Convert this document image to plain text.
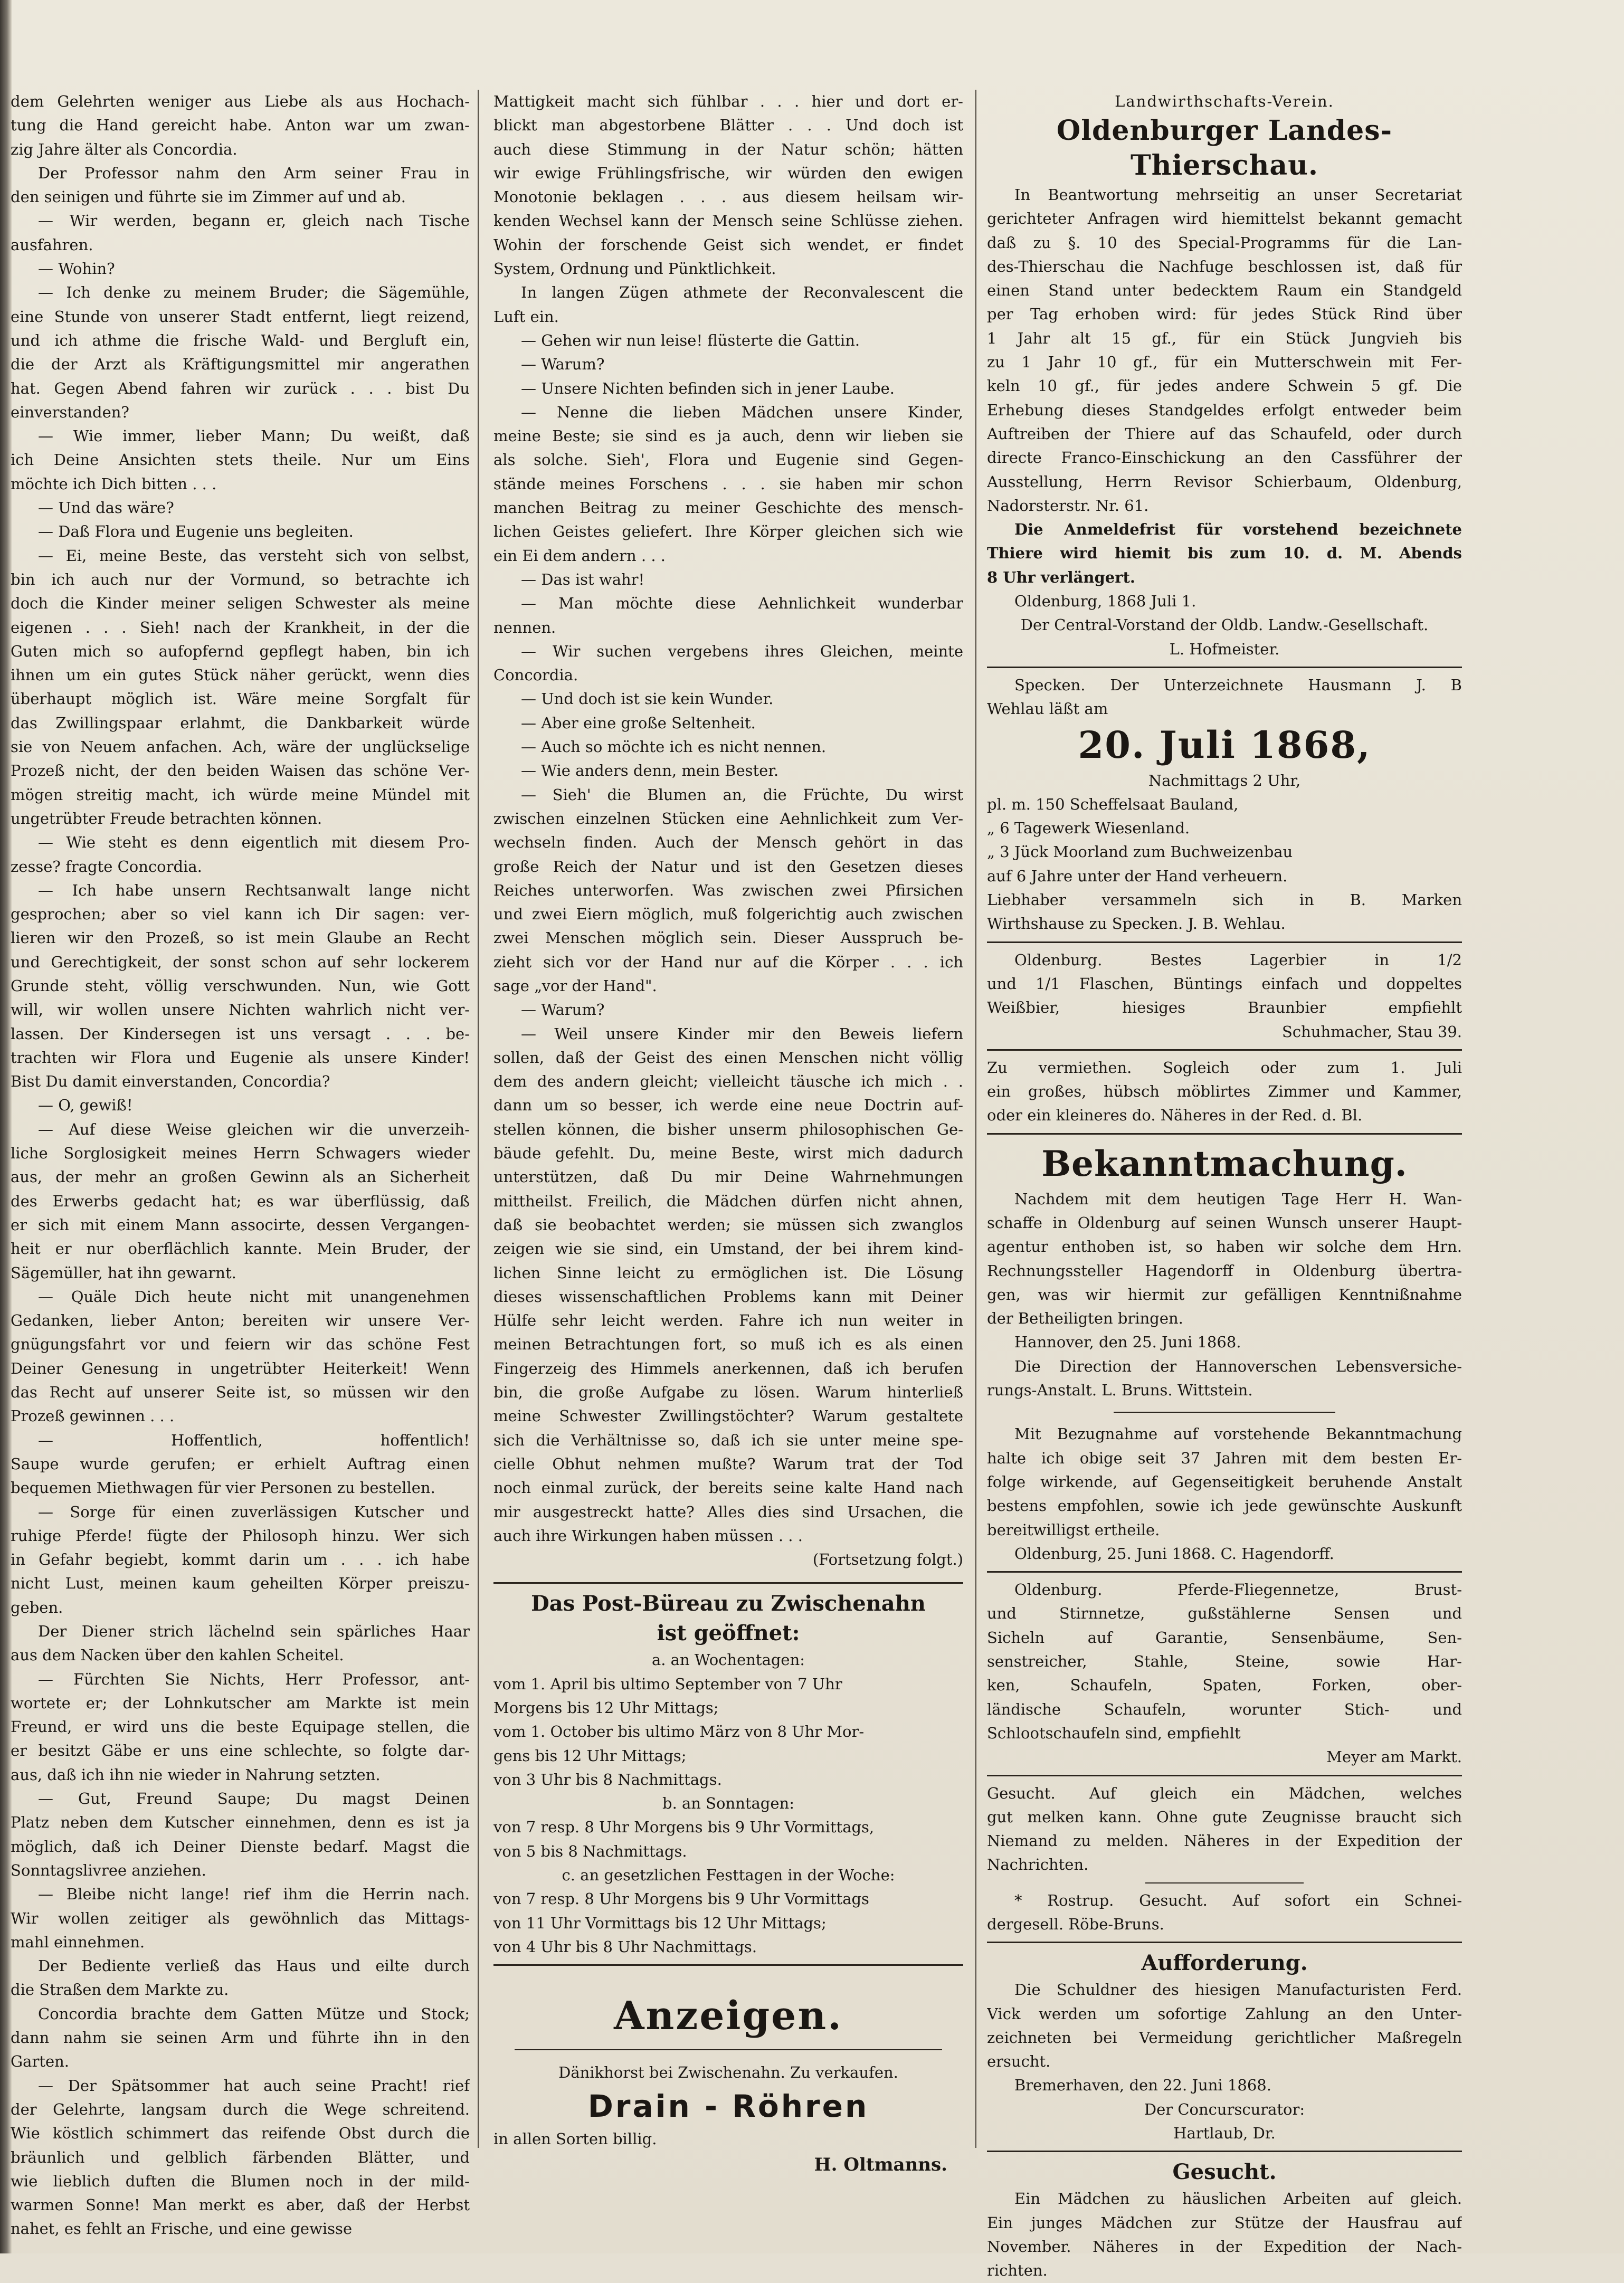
dem Gelehrten weniger aus Liebe als aus Hochach-
tung die Hand gereicht habe. Anton war um zwan-
zig Jahre älter als Concordia.
Der Professor nahm den Arm seiner Frau in
den seinigen und führte sie im Zimmer auf und ab.
— Wir werden, begann er, gleich nach Tische
ausfahren.
— Wohin?
— Ich denke zu meinem Bruder; die Sägemühle,
eine Stunde von unserer Stadt entfernt, liegt reizend,
und ich athme die frische Wald- und Bergluft ein,
die der Arzt als Kräftigungsmittel mir angerathen
hat. Gegen Abend fahren wir zurück . . . bist Du
einverstanden?
— Wie immer, lieber Mann; Du weißt, daß
ich Deine Ansichten stets theile. Nur um Eins
möchte ich Dich bitten . . .
— Und das wäre?
— Daß Flora und Eugenie uns begleiten.
— Ei, meine Beste, das versteht sich von selbst,
bin ich auch nur der Vormund, so betrachte ich
doch die Kinder meiner seligen Schwester als meine
eigenen . . . Sieh! nach der Krankheit, in der die
Guten mich so aufopfernd gepflegt haben, bin ich
ihnen um ein gutes Stück näher gerückt, wenn dies
überhaupt möglich ist. Wäre meine Sorgfalt für
das Zwillingspaar erlahmt, die Dankbarkeit würde
sie von Neuem anfachen. Ach, wäre der unglückselige
Prozeß nicht, der den beiden Waisen das schöne Ver-
mögen streitig macht, ich würde meine Mündel mit
ungetrübter Freude betrachten können.
— Wie steht es denn eigentlich mit diesem Pro-
zesse? fragte Concordia.
— Ich habe unsern Rechtsanwalt lange nicht
gesprochen; aber so viel kann ich Dir sagen: ver-
lieren wir den Prozeß, so ist mein Glaube an Recht
und Gerechtigkeit, der sonst schon auf sehr lockerem
Grunde steht, völlig verschwunden. Nun, wie Gott
will, wir wollen unsere Nichten wahrlich nicht ver-
lassen. Der Kindersegen ist uns versagt . . . be-
trachten wir Flora und Eugenie als unsere Kinder!
Bist Du damit einverstanden, Concordia?
— O, gewiß!
— Auf diese Weise gleichen wir die unverzeih-
liche Sorglosigkeit meines Herrn Schwagers wieder
aus, der mehr an großen Gewinn als an Sicherheit
des Erwerbs gedacht hat; es war überflüssig, daß
er sich mit einem Mann associrte, dessen Vergangen-
heit er nur oberflächlich kannte. Mein Bruder, der
Sägemüller, hat ihn gewarnt.
— Quäle Dich heute nicht mit unangenehmen
Gedanken, lieber Anton; bereiten wir unsere Ver-
gnügungsfahrt vor und feiern wir das schöne Fest
Deiner Genesung in ungetrübter Heiterkeit! Wenn
das Recht auf unserer Seite ist, so müssen wir den
Prozeß gewinnen . . .
— Hoffentlich, hoffentlich!
Saupe wurde gerufen; er erhielt Auftrag einen
bequemen Miethwagen für vier Personen zu bestellen.
— Sorge für einen zuverlässigen Kutscher und
ruhige Pferde! fügte der Philosoph hinzu. Wer sich
in Gefahr begiebt, kommt darin um . . . ich habe
nicht Lust, meinen kaum geheilten Körper preiszu-
geben.
Der Diener strich lächelnd sein spärliches Haar
aus dem Nacken über den kahlen Scheitel.
— Fürchten Sie Nichts, Herr Professor, ant-
wortete er; der Lohnkutscher am Markte ist mein
Freund, er wird uns die beste Equipage stellen, die
er besitzt Gäbe er uns eine schlechte, so folgte dar-
aus, daß ich ihn nie wieder in Nahrung setzten.
— Gut, Freund Saupe; Du magst Deinen
Platz neben dem Kutscher einnehmen, denn es ist ja
möglich, daß ich Deiner Dienste bedarf. Magst die
Sonntagslivree anziehen.
— Bleibe nicht lange! rief ihm die Herrin nach.
Wir wollen zeitiger als gewöhnlich das Mittags-
mahl einnehmen.
Der Bediente verließ das Haus und eilte durch
die Straßen dem Markte zu.
Concordia brachte dem Gatten Mütze und Stock;
dann nahm sie seinen Arm und führte ihn in den
Garten.
— Der Spätsommer hat auch seine Pracht! rief
der Gelehrte, langsam durch die Wege schreitend.
Wie köstlich schimmert das reifende Obst durch die
bräunlich und gelblich färbenden Blätter, und
wie lieblich duften die Blumen noch in der mild-
warmen Sonne! Man merkt es aber, daß der Herbst
nahet, es fehlt an Frische, und eine gewisse
Mattigkeit macht sich fühlbar . . . hier und dort er-
blickt man abgestorbene Blätter . . . Und doch ist
auch diese Stimmung in der Natur schön; hätten
wir ewige Frühlingsfrische, wir würden den ewigen
Monotonie beklagen . . . aus diesem heilsam wir-
kenden Wechsel kann der Mensch seine Schlüsse ziehen.
Wohin der forschende Geist sich wendet, er findet
System, Ordnung und Pünktlichkeit.
In langen Zügen athmete der Reconvalescent die
Luft ein.
— Gehen wir nun leise! flüsterte die Gattin.
— Warum?
— Unsere Nichten befinden sich in jener Laube.
— Nenne die lieben Mädchen unsere Kinder,
meine Beste; sie sind es ja auch, denn wir lieben sie
als solche. Sieh', Flora und Eugenie sind Gegen-
stände meines Forschens . . . sie haben mir schon
manchen Beitrag zu meiner Geschichte des mensch-
lichen Geistes geliefert. Ihre Körper gleichen sich wie
ein Ei dem andern . . .
— Das ist wahr!
— Man möchte diese Aehnlichkeit wunderbar
nennen.
— Wir suchen vergebens ihres Gleichen, meinte
Concordia.
— Und doch ist sie kein Wunder.
— Aber eine große Seltenheit.
— Auch so möchte ich es nicht nennen.
— Wie anders denn, mein Bester.
— Sieh' die Blumen an, die Früchte, Du wirst
zwischen einzelnen Stücken eine Aehnlichkeit zum Ver-
wechseln finden. Auch der Mensch gehört in das
große Reich der Natur und ist den Gesetzen dieses
Reiches unterworfen. Was zwischen zwei Pfirsichen
und zwei Eiern möglich, muß folgerichtig auch zwischen
zwei Menschen möglich sein. Dieser Ausspruch be-
zieht sich vor der Hand nur auf die Körper . . . ich
sage „vor der Hand".
— Warum?
— Weil unsere Kinder mir den Beweis liefern
sollen, daß der Geist des einen Menschen nicht völlig
dem des andern gleicht; vielleicht täusche ich mich . .
dann um so besser, ich werde eine neue Doctrin auf-
stellen können, die bisher unserm philosophischen Ge-
bäude gefehlt. Du, meine Beste, wirst mich dadurch
unterstützen, daß Du mir Deine Wahrnehmungen
mittheilst. Freilich, die Mädchen dürfen nicht ahnen,
daß sie beobachtet werden; sie müssen sich zwanglos
zeigen wie sie sind, ein Umstand, der bei ihrem kind-
lichen Sinne leicht zu ermöglichen ist. Die Lösung
dieses wissenschaftlichen Problems kann mit Deiner
Hülfe sehr leicht werden. Fahre ich nun weiter in
meinen Betrachtungen fort, so muß ich es als einen
Fingerzeig des Himmels anerkennen, daß ich berufen
bin, die große Aufgabe zu lösen. Warum hinterließ
meine Schwester Zwillingstöchter? Warum gestaltete
sich die Verhältnisse so, daß ich sie unter meine spe-
cielle Obhut nehmen mußte? Warum trat der Tod
noch einmal zurück, der bereits seine kalte Hand nach
mir ausgestreckt hatte? Alles dies sind Ursachen, die
auch ihre Wirkungen haben müssen . . .
(Fortsetzung folgt.)
Das Post-Büreau zu Zwischenahn
ist geöffnet:
a. an Wochentagen:
vom 1. April bis ultimo September von 7 Uhr
Morgens bis 12 Uhr Mittags;
vom 1. October bis ultimo März von 8 Uhr Mor-
gens bis 12 Uhr Mittags;
von 3 Uhr bis 8 Nachmittags.
b. an Sonntagen:
von 7 resp. 8 Uhr Morgens bis 9 Uhr Vormittags,
von 5 bis 8 Nachmittags.
c. an gesetzlichen Festtagen in der Woche:
von 7 resp. 8 Uhr Morgens bis 9 Uhr Vormittags
von 11 Uhr Vormittags bis 12 Uhr Mittags;
von 4 Uhr bis 8 Uhr Nachmittags.
Anzeigen.
Dänikhorst bei Zwischenahn. Zu verkaufen.
Drain - Röhren
in allen Sorten billig.
H. Oltmanns.
Landwirthschafts-Verein.
Oldenburger Landes-Thierschau.
In Beantwortung mehrseitig an unser Secretariat
gerichteter Anfragen wird hiemittelst bekannt gemacht
daß zu §. 10 des Special-Programms für die Lan-
des-Thierschau die Nachfuge beschlossen ist, daß für
einen Stand unter bedecktem Raum ein Standgeld
per Tag erhoben wird: für jedes Stück Rind über
1 Jahr alt 15 gf., für ein Stück Jungvieh bis
zu 1 Jahr 10 gf., für ein Mutterschwein mit Fer-
keln 10 gf., für jedes andere Schwein 5 gf. Die
Erhebung dieses Standgeldes erfolgt entweder beim
Auftreiben der Thiere auf das Schaufeld, oder durch
directe Franco-Einschickung an den Cassführer der
Ausstellung, Herrn Revisor Schierbaum, Oldenburg,
Nadorsterstr. Nr. 61.
Die Anmeldefrist für vorstehend bezeichnete
Thiere wird hiemit bis zum 10. d. M. Abends
8 Uhr verlängert.
Oldenburg, 1868 Juli 1.
Der Central-Vorstand der Oldb. Landw.-Gesellschaft.
L. Hofmeister.
Specken. Der Unterzeichnete Hausmann J. B
Wehlau läßt am
20. Juli 1868,
Nachmittags 2 Uhr,
pl. m. 150 Scheffelsaat Bauland,
„ 6 Tagewerk Wiesenland.
„ 3 Jück Moorland zum Buchweizenbau
auf 6 Jahre unter der Hand verheuern.
Liebhaber versammeln sich in B. Marken
Wirthshause zu Specken. J. B. Wehlau.
Oldenburg. Bestes Lagerbier in 1/2
und 1/1 Flaschen, Büntings einfach und doppeltes
Weißbier, hiesiges Braunbier empfiehlt
Schuhmacher, Stau 39.
Zu vermiethen. Sogleich oder zum 1. Juli
ein großes, hübsch möblirtes Zimmer und Kammer,
oder ein kleineres do. Näheres in der Red. d. Bl.
Bekanntmachung.
Nachdem mit dem heutigen Tage Herr H. Wan-
schaffe in Oldenburg auf seinen Wunsch unserer Haupt-
agentur enthoben ist, so haben wir solche dem Hrn.
Rechnungssteller Hagendorff in Oldenburg übertra-
gen, was wir hiermit zur gefälligen Kenntnißnahme
der Betheiligten bringen.
Hannover, den 25. Juni 1868.
Die Direction der Hannoverschen Lebensversiche-
rungs-Anstalt. L. Bruns. Wittstein.
Mit Bezugnahme auf vorstehende Bekanntmachung
halte ich obige seit 37 Jahren mit dem besten Er-
folge wirkende, auf Gegenseitigkeit beruhende Anstalt
bestens empfohlen, sowie ich jede gewünschte Auskunft
bereitwilligst ertheile.
Oldenburg, 25. Juni 1868. C. Hagendorff.
Oldenburg. Pferde-Fliegennetze, Brust-
und Stirnnetze, gußstählerne Sensen und
Sicheln auf Garantie, Sensenbäume, Sen-
senstreicher, Stahle, Steine, sowie Har-
ken, Schaufeln, Spaten, Forken, ober-
ländische Schaufeln, worunter Stich- und
Schlootschaufeln sind, empfiehlt
Meyer am Markt.
Gesucht. Auf gleich ein Mädchen, welches
gut melken kann. Ohne gute Zeugnisse braucht sich
Niemand zu melden. Näheres in der Expedition der
Nachrichten.
* Rostrup. Gesucht. Auf sofort ein Schnei-
dergesell. Röbe-Bruns.
Aufforderung.
Die Schuldner des hiesigen Manufacturisten Ferd.
Vick werden um sofortige Zahlung an den Unter-
zeichneten bei Vermeidung gerichtlicher Maßregeln
ersucht.
Bremerhaven, den 22. Juni 1868.
Der Concurscurator:
Hartlaub, Dr.
Gesucht.
Ein Mädchen zu häuslichen Arbeiten auf gleich.
Ein junges Mädchen zur Stütze der Hausfrau auf
November. Näheres in der Expedition der Nach-
richten.
